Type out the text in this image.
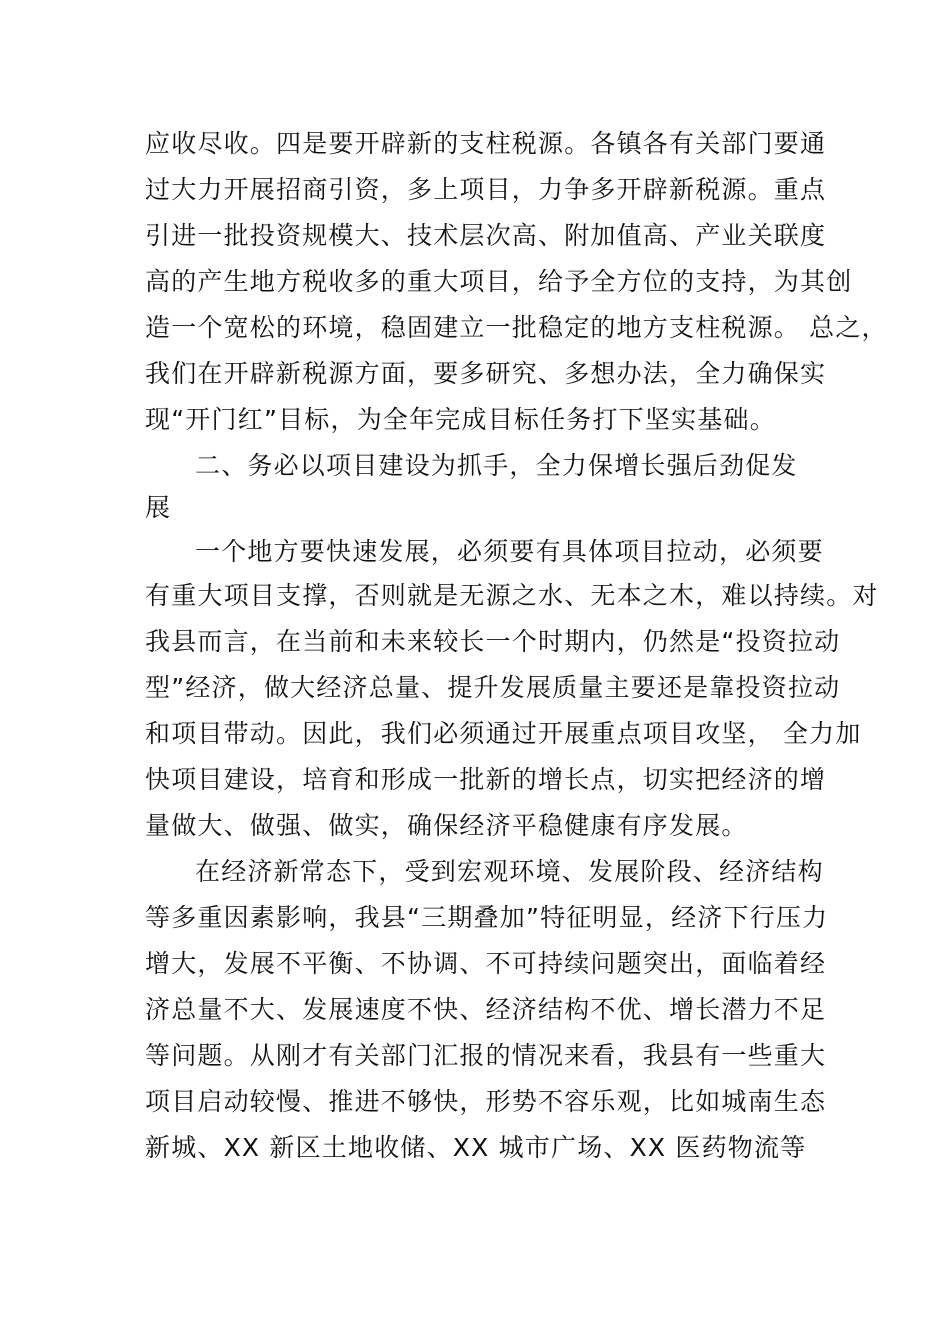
应收尽收。四是要开辟新的支柱税源。各镇各有关部门要通
过大力开展招商引资，多上项目，力争多开辟新税源。重点
引进一批投资规模大、技术层次高、附加值高、产业关联度
高的产生地方税收多的重大项目，给予全方位的支持，为其创
造一个宽松的环境，稳固建立一批稳定的地方支柱税源。 总之，
我们在开辟新税源方面，要多研究、多想办法，全力确保实
现“开门红”目标，为全年完成目标任务打下坚实基础。
二、务必以项目建设为抓手，全力保增长强后劲促发
展
一个地方要快速发展，必须要有具体项目拉动，必须要
有重大项目支撑，否则就是无源之水、无本之木，难以持续。对
我县而言，在当前和未来较长一个时期内，仍然是“投资拉动
型”经济，做大经济总量、提升发展质量主要还是靠投资拉动
和项目带动。因此，我们必须通过开展重点项目攻坚， 全力加
快项目建设，培育和形成一批新的增长点，切实把经济的增
量做大、做强、做实，确保经济平稳健康有序发展。
在经济新常态下，受到宏观环境、发展阶段、经济结构
等多重因素影响，我县“三期叠加”特征明显，经济下行压力
增大，发展不平衡、不协调、不可持续问题突出，面临着经
济总量不大、发展速度不快、经济结构不优、增长潜力不足
等问题。从刚才有关部门汇报的情况来看，我县有一些重大
项目启动较慢、推进不够快，形势不容乐观，比如城南生态
新城、XX 新区土地收储、XX 城市广场、XX 医药物流等
